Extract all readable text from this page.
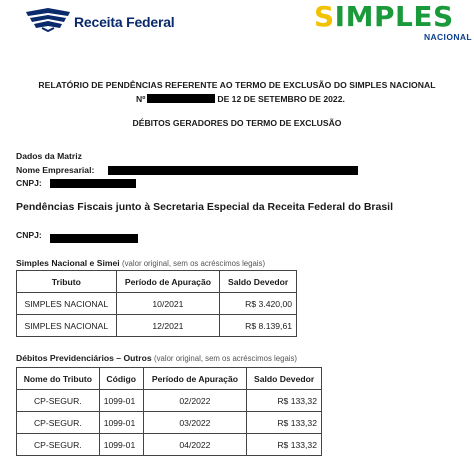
Receita Federal	SIMPLES
NACIONAL
RELATÓRIO DE PENDÊNCIAS REFERENTE AO TERMO DE EXCLUSÃO DO SIMPLES NACIONAL
Nº	DE 12 DE SETEMBRO DE 2022.
DÉBITOS GERADORES DO TERMO DE EXCLUSÃO
Dados da Matriz
Nome Empresarial:
CNPJ:
Pendências Fiscais junto à Secretaria Especial da Receita Federal do Brasil
CNPJ:
Simples Nacional e Simei (valor original, sem os acréscimos legais)
Tributo	Período de Apuração	Saldo Devedor
SIMPLES NACIONAL	10/2021	R$ 3.420,00
SIMPLES NACIONAL	12/2021	R$ 8.139,61
Débitos Previdenciários – Outros (valor original, sem os acréscimos legais)
Nome do Tributo	Código	Período de Apuração	Saldo Devedor
CP-SEGUR.	1099-01	02/2022	R$ 133,32
CP-SEGUR.	1099-01	03/2022	R$ 133,32
CP-SEGUR.	1099-01	04/2022	R$ 133,32
